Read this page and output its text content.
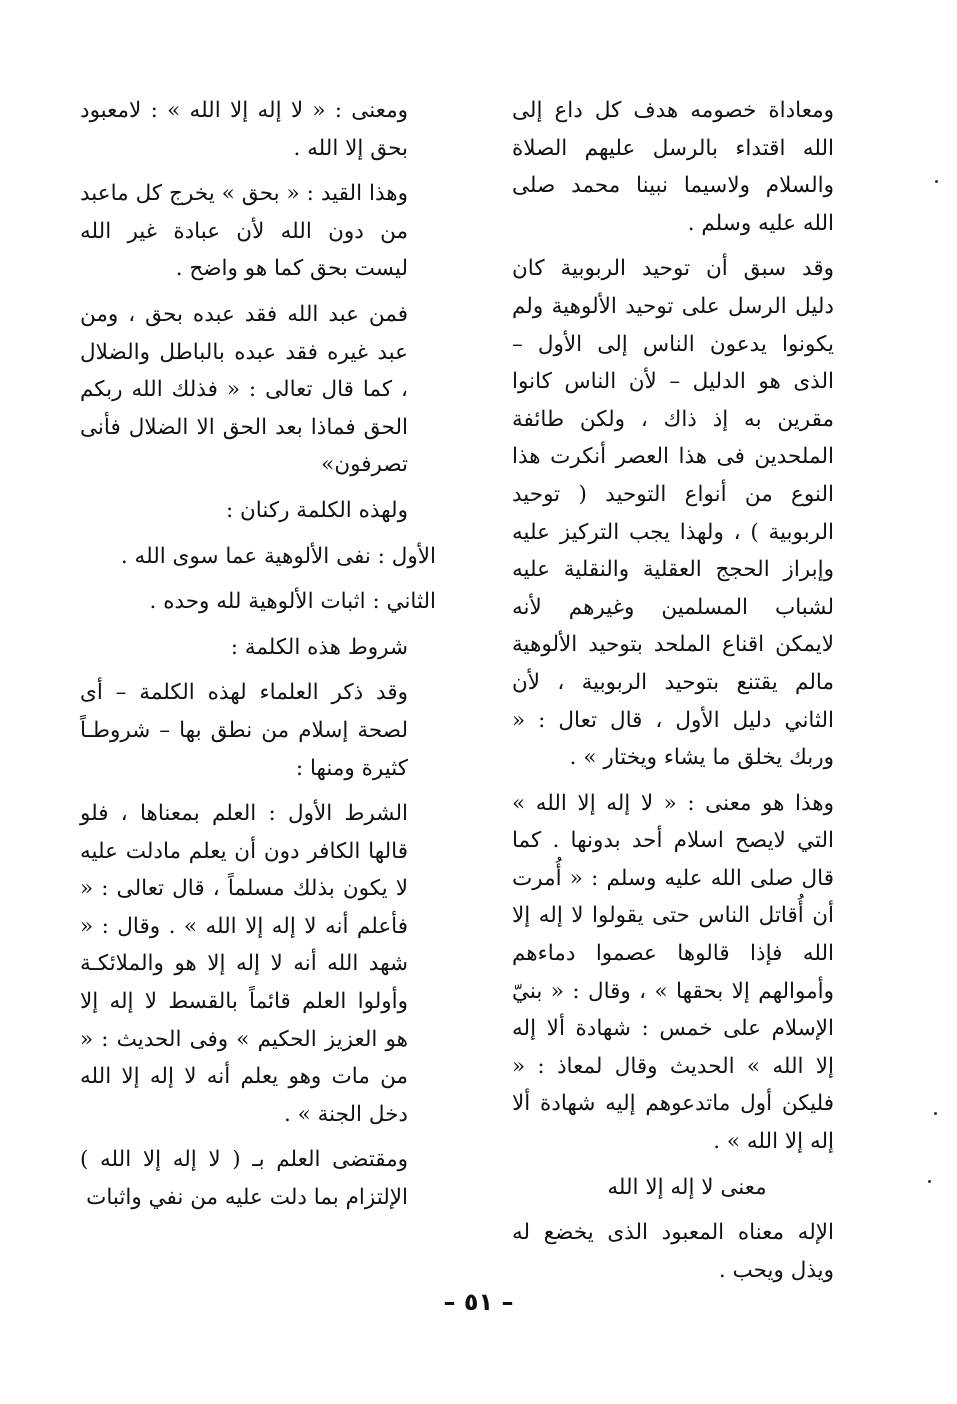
ومعاداة خصومه هدف كل داع إلى الله اقتداء بالرسل عليهم الصلاة والسلام ولاسيما نبينا محمد صلى الله عليه وسلم .

وقد سبق أن توحيد الربوبية كان دليل الرسل على توحيد الألوهية ولم يكونوا يدعون الناس إلى الأول – الذى هو الدليل – لأن الناس كانوا مقرين به إذ ذاك ، ولكن طائفة الملحدين فى هذا العصر أنكرت هذا النوع من أنواع التوحيد ( توحيد الربوبية ) ، ولهذا يجب التركيز عليه وإبراز الحجج العقلية والنقلية عليه لشباب المسلمين وغيرهم لأنه لايمكن اقناع الملحد بتوحيد الألوهية مالم يقتنع بتوحيد الربوبية ، لأن الثاني دليل الأول ، قال تعال : « وربك يخلق ما يشاء ويختار » .

وهذا هو معنى : « لا إله إلا الله » التي لايصح اسلام أحد بدونها . كما قال صلى الله عليه وسلم : « أُمرت أن أُقاتل الناس حتى يقولوا لا إله إلا الله فإذا قالوها عصموا دماءهم وأموالهم إلا بحقها » ، وقال : « بنيّ الإسلام على خمس : شهادة ألا إله إلا الله » الحديث وقال لمعاذ : « فليكن أول ماتدعوهم إليه شهادة ألا إله إلا الله » .

معنى لا إله إلا الله

الإله معناه المعبود الذى يخضع له ويذل ويحب .

ومعنى : « لا إله إلا الله » : لامعبود بحق إلا الله .

وهذا القيد : « بحق » يخرج كل ماعبد من دون الله لأن عبادة غير الله ليست بحق كما هو واضح .

فمن عبد الله فقد عبده بحق ، ومن عبد غيره فقد عبده بالباطل والضلال ، كما قال تعالى : « فذلك الله ربكم الحق فماذا بعد الحق الا الضلال فأنى تصرفون»

ولهذه الكلمة ركنان :

الأول : نفى الألوهية عما سوى الله .

الثاني : اثبات الألوهية لله وحده .

شروط هذه الكلمة :

وقد ذكر العلماء لهذه الكلمة – أى لصحة إسلام من نطق بها – شروطـاً كثيرة ومنها :

الشرط الأول : العلم بمعناها ، فلو قالها الكافر دون أن يعلم مادلت عليه لا يكون بذلك مسلماً ، قال تعالى : « فأعلم أنه لا إله إلا الله » . وقال : « شهد الله أنه لا إله إلا هو والملائكـة وأولوا العلم قائماً بالقسط لا إله إلا هو العزيز الحكيم » وفى الحديث : « من مات وهو يعلم أنه لا إله إلا الله دخل الجنة » .

ومقتضى العلم بـ ( لا إله إلا الله ) الإلتزام بما دلت عليه من نفي واثبات

– ٥١ –
